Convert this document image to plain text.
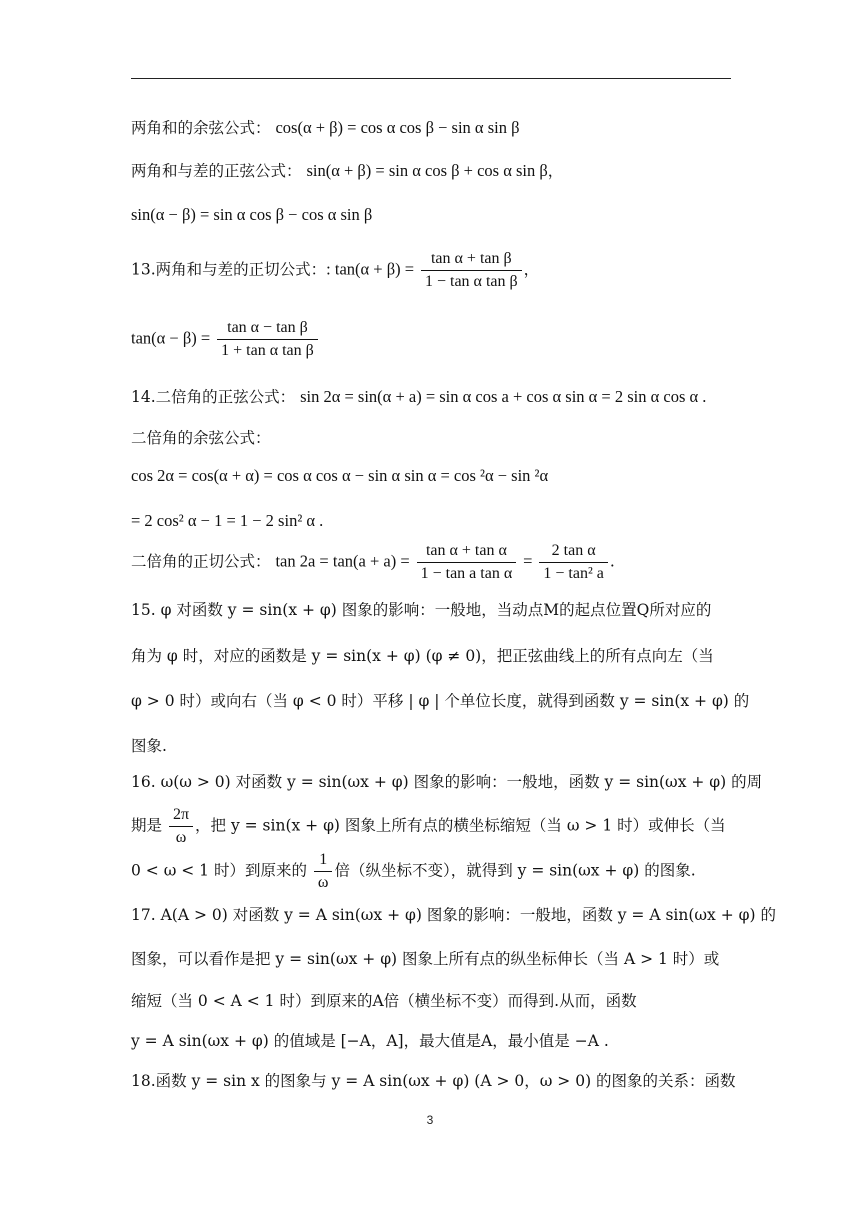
两角和的余弦公式： cos(α + β) = cos α cos β − sin α sin β
两角和与差的正弦公式： sin(α + β) = sin α cos β + cos α sin β，
sin(α − β) = sin α cos β − cos α sin β
13.两角和与差的正切公式：: $\tan(\alpha + \beta) = \frac{\text{tan α + tan β}}{\text{1 − tan α tan β}}$ ，
$\tan(\alpha - \beta) = \frac{\text{tan α − tan β}}{\text{1 + tan α tan β}}$
14.二倍角的正弦公式： sin 2α = sin(α + a) = sin α cos a + cos α sin α = 2 sin α cos α .
二倍角的余弦公式：
cos 2α = cos(α + α) = cos α cos α − sin α sin α = cos ²α − sin ²α
= 2 cos² α − 1 = 1 − 2 sin² α .
二倍角的正切公式： $\tan 2a = \tan(a + a) = \frac{\text{tan α + tan α}}{\text{1 − tan a tan α}} = \frac{\text{2 tan α}}{\text{1 − tan² a}}$ .
15. φ 对函数 y = sin(x + φ) 图象的影响：一般地，当动点M的起点位置Q所对应的
角为 φ 时，对应的函数是 y = sin(x + φ) (φ ≠ 0)，把正弦曲线上的所有点向左（当
φ > 0 时）或向右（当 φ < 0 时）平移 | φ | 个单位长度，就得到函数 y = sin(x + φ) 的
图象.
16. ω(ω > 0) 对函数 y = sin(ωx + φ) 图象的影响：一般地，函数 y = sin(ωx + φ) 的周
期是 $\frac{2\pi}{\omega}$ ，把 y = sin(x + φ) 图象上所有点的横坐标缩短（当 ω > 1 时）或伸长（当
0 < ω < 1 时）到原来的 $\frac{1}{\omega}$ 倍（纵坐标不变），就得到 y = sin(ωx + φ) 的图象.
17. A(A > 0) 对函数 y = A sin(ωx + φ) 图象的影响：一般地，函数 y = A sin(ωx + φ) 的
图象，可以看作是把 y = sin(ωx + φ) 图象上所有点的纵坐标伸长（当 A > 1 时）或
缩短（当 0 < A < 1 时）到原来的A倍（横坐标不变）而得到.从而，函数
y = A sin(ωx + φ) 的值域是 [−A，A]，最大值是A，最小值是 −A .
18.函数 y = sin x 的图象与 y = A sin(ωx + φ) (A > 0，ω > 0) 的图象的关系：函数
3
